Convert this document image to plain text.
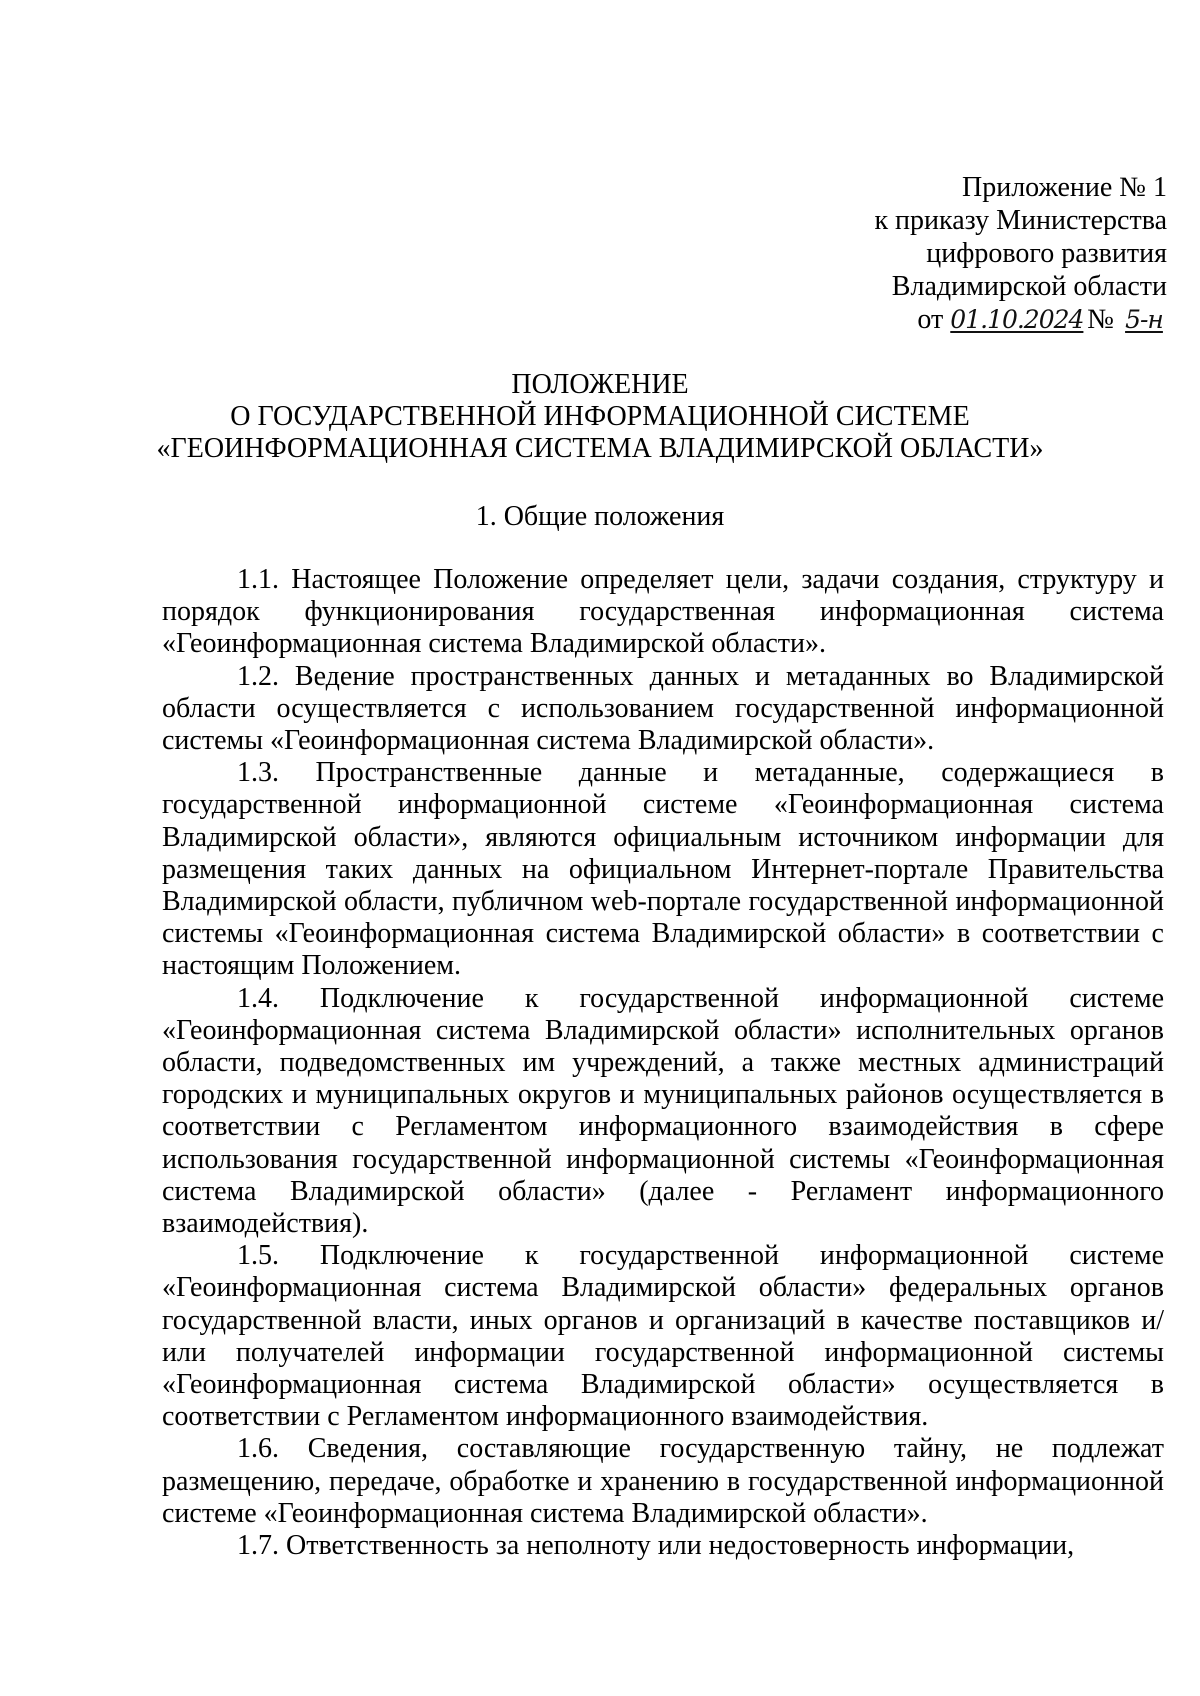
Приложение № 1
к приказу Министерства
цифрового развития
Владимирской области
от 01.10.2024 № 5-н
ПОЛОЖЕНИЕ
О ГОСУДАРСТВЕННОЙ ИНФОРМАЦИОННОЙ СИСТЕМЕ
«ГЕОИНФОРМАЦИОННАЯ СИСТЕМА ВЛАДИМИРСКОЙ ОБЛАСТИ»
1. Общие положения

1.1. Настоящее Положение определяет цели, задачи создания, структуру и порядок функционирования государственная информационная система «Геоинформационная система Владимирской области».

1.2. Ведение пространственных данных и метаданных во Владимирской области осуществляется с использованием государственной информационной системы «Геоинформационная система Владимирской области».

1.3. Пространственные данные и метаданные, содержащиеся в государственной информационной системе «Геоинформационная система Владимирской области», являются официальным источником информации для размещения таких данных на официальном Интернет-портале Правительства Владимирской области, публичном web-портале государственной информационной системы «Геоинформационная система Владимирской области» в соответствии с настоящим Положением.

1.4. Подключение к государственной информационной системе «Геоинформационная система Владимирской области» исполнительных органов области, подведомственных им учреждений, а также местных администраций городских и муниципальных округов и муниципальных районов осуществляется в соответствии с Регламентом информационного взаимодействия в сфере использования государственной информационной системы «Геоинформационная система Владимирской области» (далее - Регламент информационного взаимодействия).

1.5. Подключение к государственной информационной системе «Геоинформационная система Владимирской области» федеральных органов государственной власти, иных органов и организаций в качестве поставщиков и/или получателей информации государственной информационной системы «Геоинформационная система Владимирской области» осуществляется в соответствии с Регламентом информационного взаимодействия.

1.6. Сведения, составляющие государственную тайну, не подлежат размещению, передаче, обработке и хранению в государственной информационной системе «Геоинформационная система Владимирской области».

1.7. Ответственность за неполноту или недостоверность информации,
